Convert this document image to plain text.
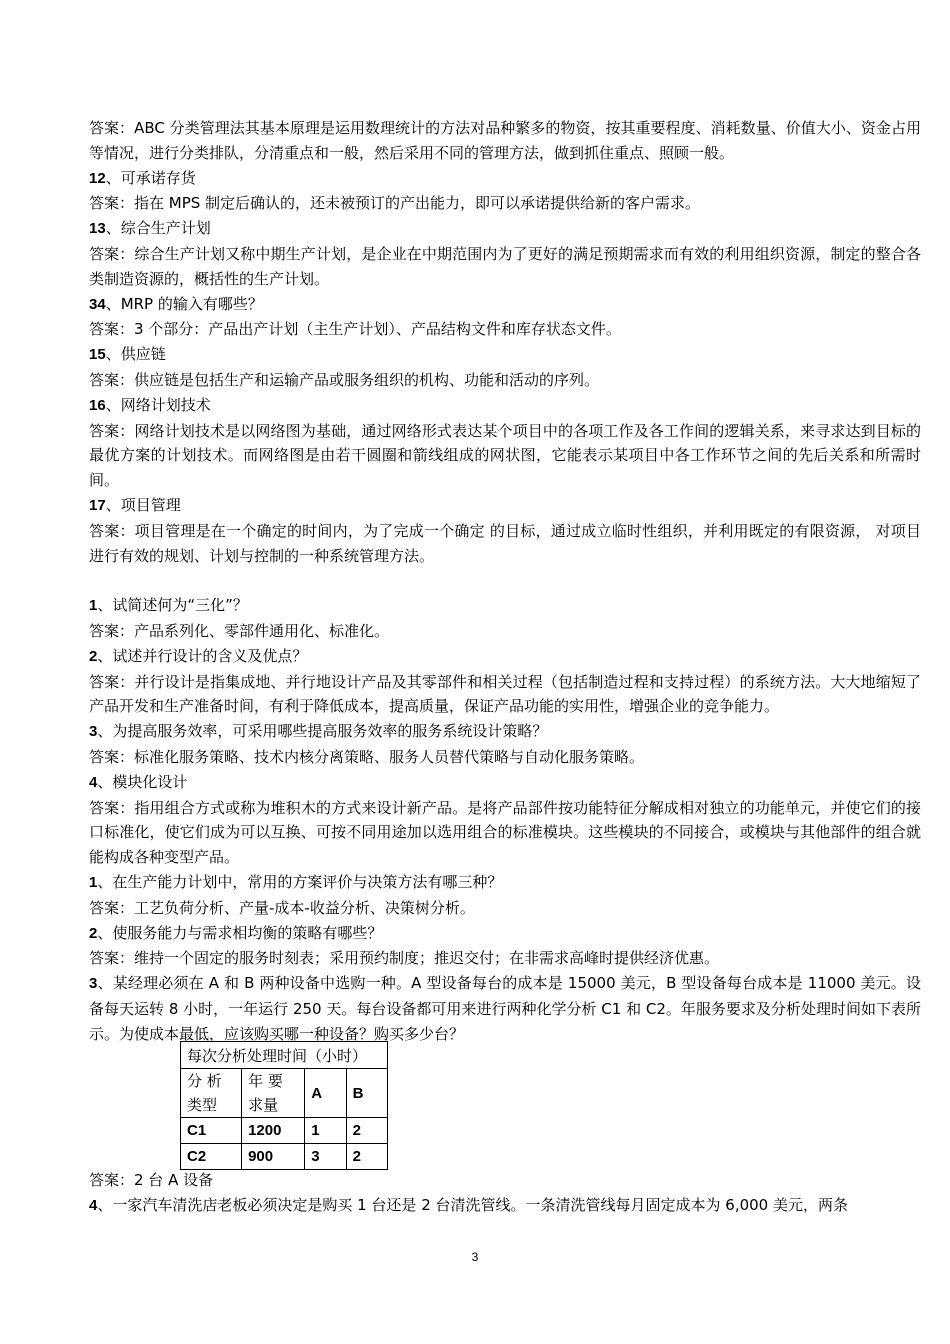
答案：ABC 分类管理法其基本原理是运用数理统计的方法对品种繁多的物资，按其重要程度、消耗数量、价值大小、资金占用等情况，进行分类排队，分清重点和一般，然后采用不同的管理方法，做到抓住重点、照顾一般。
12、可承诺存货
答案：指在 MPS 制定后确认的，还未被预订的产出能力，即可以承诺提供给新的客户需求。
13、综合生产计划
答案：综合生产计划又称中期生产计划，是企业在中期范围内为了更好的满足预期需求而有效的利用组织资源，制定的整合各类制造资源的，概括性的生产计划。
34、MRP 的输入有哪些？
答案：3 个部分：产品出产计划（主生产计划）、产品结构文件和库存状态文件。
15、供应链
答案：供应链是包括生产和运输产品或服务组织的机构、功能和活动的序列。
16、网络计划技术
答案：网络计划技术是以网络图为基础，通过网络形式表达某个项目中的各项工作及各工作间的逻辑关系，来寻求达到目标的最优方案的计划技术。而网络图是由若干圆圈和箭线组成的网状图，它能表示某项目中各工作环节之间的先后关系和所需时间。
17、项目管理
答案：项目管理是在一个确定的时间内，为了完成一个确定 的目标，通过成立临时性组织，并利用既定的有限资源， 对项目进行有效的规划、计划与控制的一种系统管理方法。
1、试简述何为“三化”？
答案：产品系列化、零部件通用化、标准化。
2、试述并行设计的含义及优点？
答案：并行设计是指集成地、并行地设计产品及其零部件和相关过程（包括制造过程和支持过程）的系统方法。大大地缩短了产品开发和生产准备时间，有利于降低成本，提高质量，保证产品功能的实用性，增强企业的竞争能力。
3、为提高服务效率，可采用哪些提高服务效率的服务系统设计策略？
答案：标准化服务策略、技术内核分离策略、服务人员替代策略与自动化服务策略。
4、模块化设计
答案：指用组合方式或称为堆积木的方式来设计新产品。是将产品部件按功能特征分解成相对独立的功能单元，并使它们的接口标准化，使它们成为可以互换、可按不同用途加以选用组合的标准模块。这些模块的不同接合，或模块与其他部件的组合就能构成各种变型产品。
1、在生产能力计划中，常用的方案评价与决策方法有哪三种？
答案：工艺负荷分析、产量-成本-收益分析、决策树分析。
2、使服务能力与需求相均衡的策略有哪些？
答案：维持一个固定的服务时刻表；采用预约制度；推迟交付；在非需求高峰时提供经济优惠。
3、某经理必须在 A 和 B 两种设备中选购一种。A 型设备每台的成本是 15000 美元，B 型设备每台成本是 11000 美元。设备每天运转 8 小时，一年运行 250 天。每台设备都可用来进行两种化学分析 C1 和 C2。年服务要求及分析处理时间如下表所示。为使成本最低，应该购买哪一种设备？购买多少台？
每次分析处理时间（小时）			

分 析类型	年 要求量	A	B
C1	1200	1	2
C2	900	3	2
答案：2 台 A 设备
4、一家汽车清洗店老板必须决定是购买 1 台还是 2 台清洗管线。一条清洗管线每月固定成本为 6,000 美元，两条
3
